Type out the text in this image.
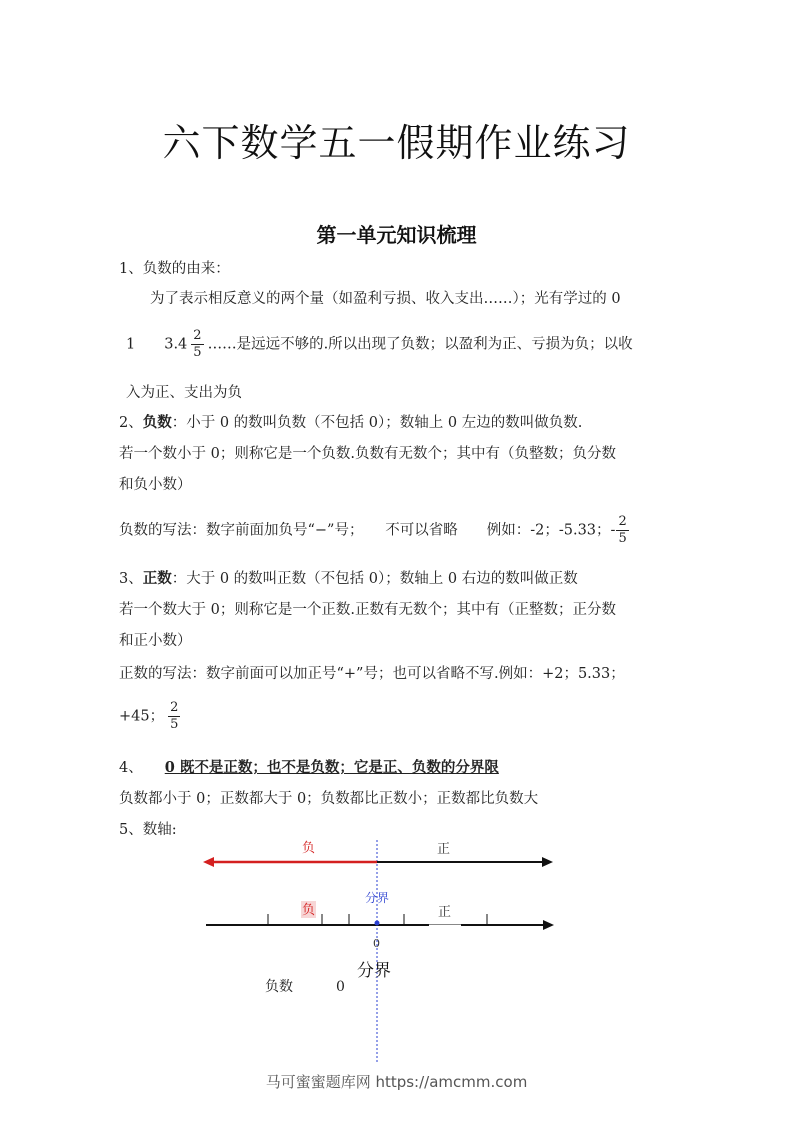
六下数学五一假期作业练习
第一单元知识梳理
1、负数的由来：
为了表示相反意义的两个量（如盈利亏损、收入支出……）；光有学过的 0
1　　$3.4 \frac{2}{5}$ ……是远远不够的.所以出现了负数；以盈利为正、亏损为负；以收
入为正、支出为负
2、负数：小于 0 的数叫负数（不包括 0）；数轴上 0 左边的数叫做负数.
若一个数小于 0；则称它是一个负数.负数有无数个；其中有（负整数；负分数
和负小数）
负数的写法：数字前面加负号“−”号；　　不可以省略　　例如：-2；-5.33；- $\frac{2}{5}$
3、正数：大于 0 的数叫正数（不包括 0）；数轴上 0 右边的数叫做正数
若一个数大于 0；则称它是一个正数.正数有无数个；其中有（正整数；正分数
和正小数）
正数的写法：数字前面可以加正号“+”号；也可以省略不写.例如：+2；5.33；
+45； $\frac{2}{5}$
4、 0 既不是正数；也不是负数；它是正、负数的分界限
负数都小于 0；正数都大于 0；负数都比正数小；正数都比负数大
5、数轴:
负	正
分界
负	正
0
分界
负数	0
马可蜜蜜题库网 https://amcmm.com
